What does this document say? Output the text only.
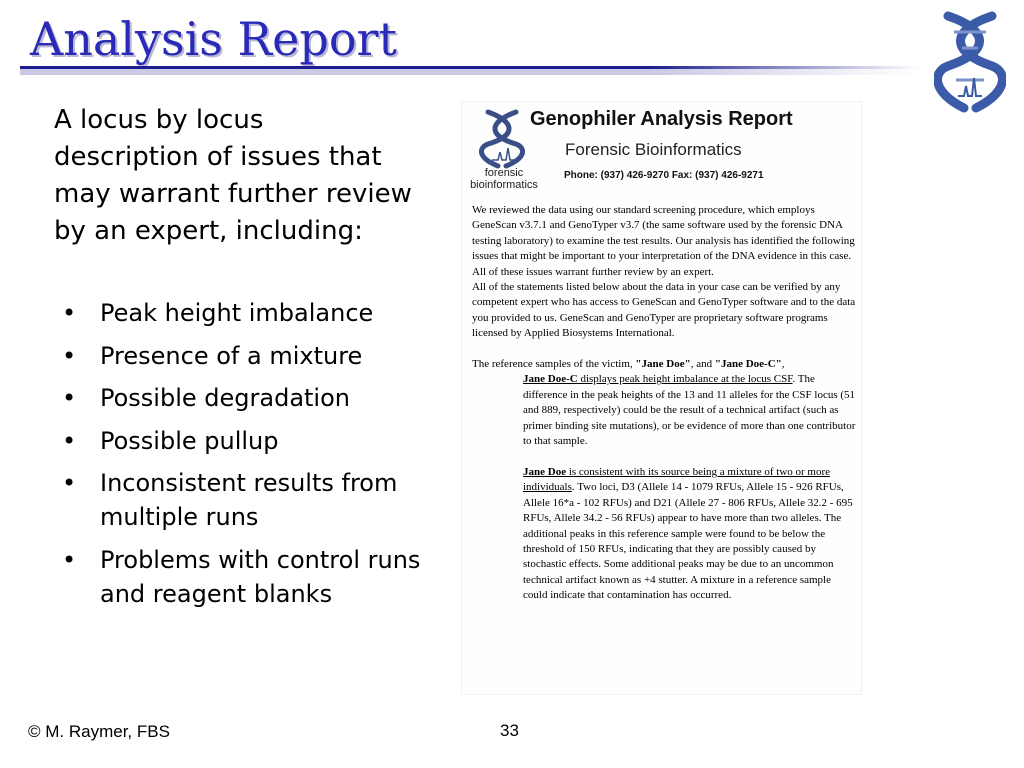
Analysis Report
A locus by locus description of issues that may warrant further review by an expert, including:
• Peak height imbalance
• Presence of a mixture
• Possible degradation
• Possible pullup
• Inconsistent results from multiple runs
• Problems with control runs and reagent blanks
forensic
bioinformatics
Genophiler Analysis Report
Forensic Bioinformatics
Phone: (937) 426-9270 Fax: (937) 426-9271

We reviewed the data using our standard screening procedure, which employs GeneScan v3.7.1 and GenoTyper v3.7 (the same software used by the forensic DNA testing laboratory) to examine the test results. Our analysis has identified the following issues that might be important to your interpretation of the DNA evidence in this case. All of these issues warrant further review by an expert.

All of the statements listed below about the data in your case can be verified by any competent expert who has access to GeneScan and GenoTyper software and to the data you provided to us. GeneScan and GenoTyper are proprietary software programs licensed by Applied Biosystems International.

The reference samples of the victim, "Jane Doe", and "Jane Doe-C",

Jane Doe-C displays peak height imbalance at the locus CSF. The difference in the peak heights of the 13 and 11 alleles for the CSF locus (51 and 889, respectively) could be the result of a technical artifact (such as primer binding site mutations), or be evidence of more than one contributor to that sample.

Jane Doe is consistent with its source being a mixture of two or more individuals. Two loci, D3 (Allele 14 - 1079 RFUs, Allele 15 - 926 RFUs, Allele 16*a - 102 RFUs) and D21 (Allele 27 - 806 RFUs, Allele 32.2 - 695 RFUs, Allele 34.2 - 56 RFUs) appear to have more than two alleles. The additional peaks in this reference sample were found to be below the threshold of 150 RFUs, indicating that they are possibly caused by stochastic effects. Some additional peaks may be due to an uncommon technical artifact known as +4 stutter. A mixture in a reference sample could indicate that contamination has occurred.

© M. Raymer, FBS	33
